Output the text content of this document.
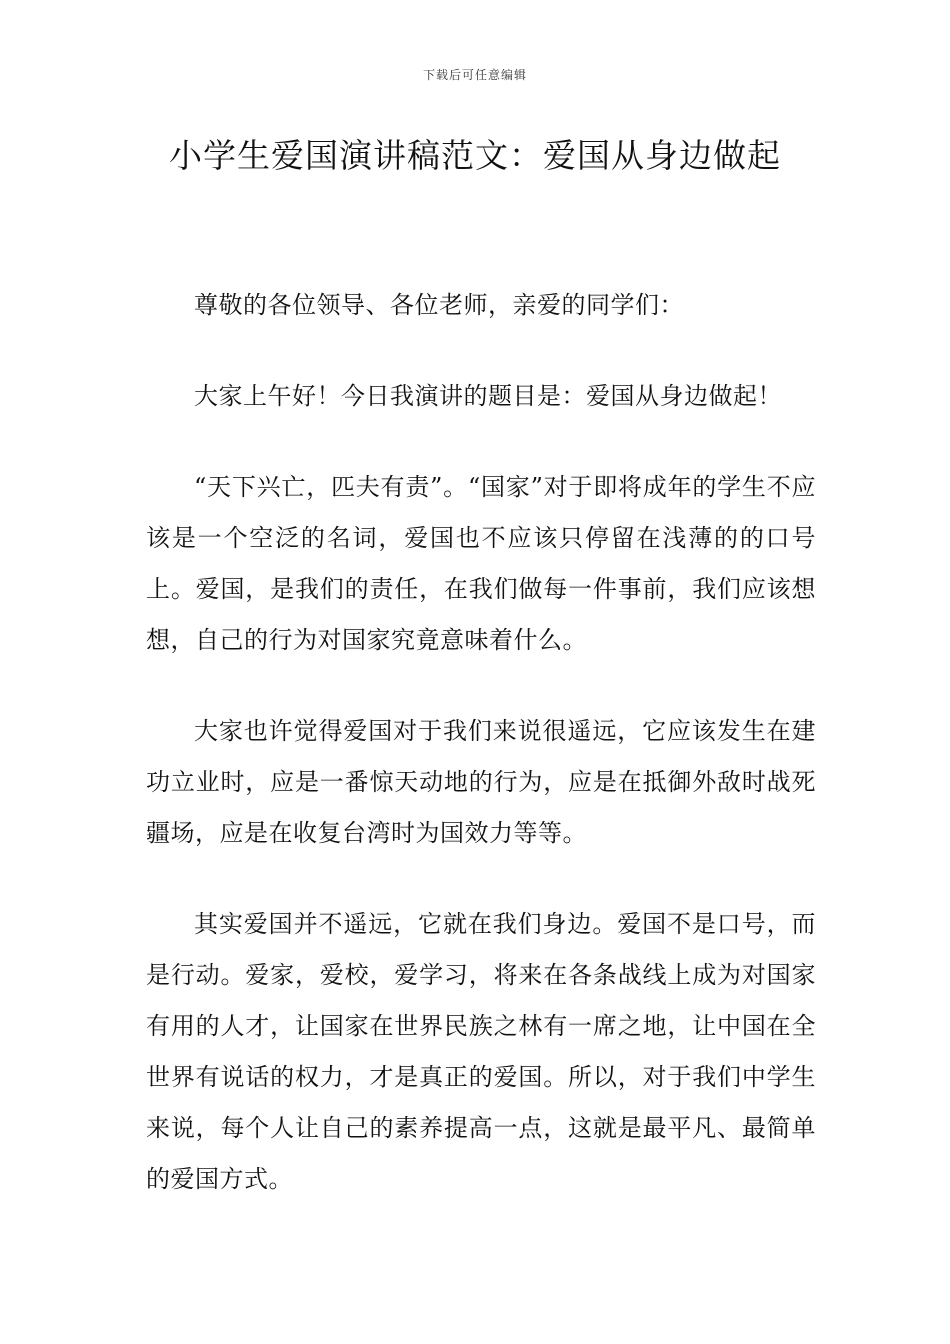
下载后可任意编辑
小学生爱国演讲稿范文：爱国从身边做起

尊敬的各位领导、各位老师，亲爱的同学们：

大家上午好！今日我演讲的题目是：爱国从身边做起！

“天下兴亡，匹夫有责”。“国家”对于即将成年的学生不应该是一个空泛的名词，爱国也不应该只停留在浅薄的的口号上。爱国，是我们的责任，在我们做每一件事前，我们应该想想，自己的行为对国家究竟意味着什么。

大家也许觉得爱国对于我们来说很遥远，它应该发生在建功立业时，应是一番惊天动地的行为，应是在抵御外敌时战死疆场，应是在收复台湾时为国效力等等。

其实爱国并不遥远，它就在我们身边。爱国不是口号，而是行动。爱家，爱校，爱学习，将来在各条战线上成为对国家有用的人才，让国家在世界民族之林有一席之地，让中国在全世界有说话的权力，才是真正的爱国。所以，对于我们中学生来说，每个人让自己的素养提高一点，这就是最平凡、最简单的爱国方式。
